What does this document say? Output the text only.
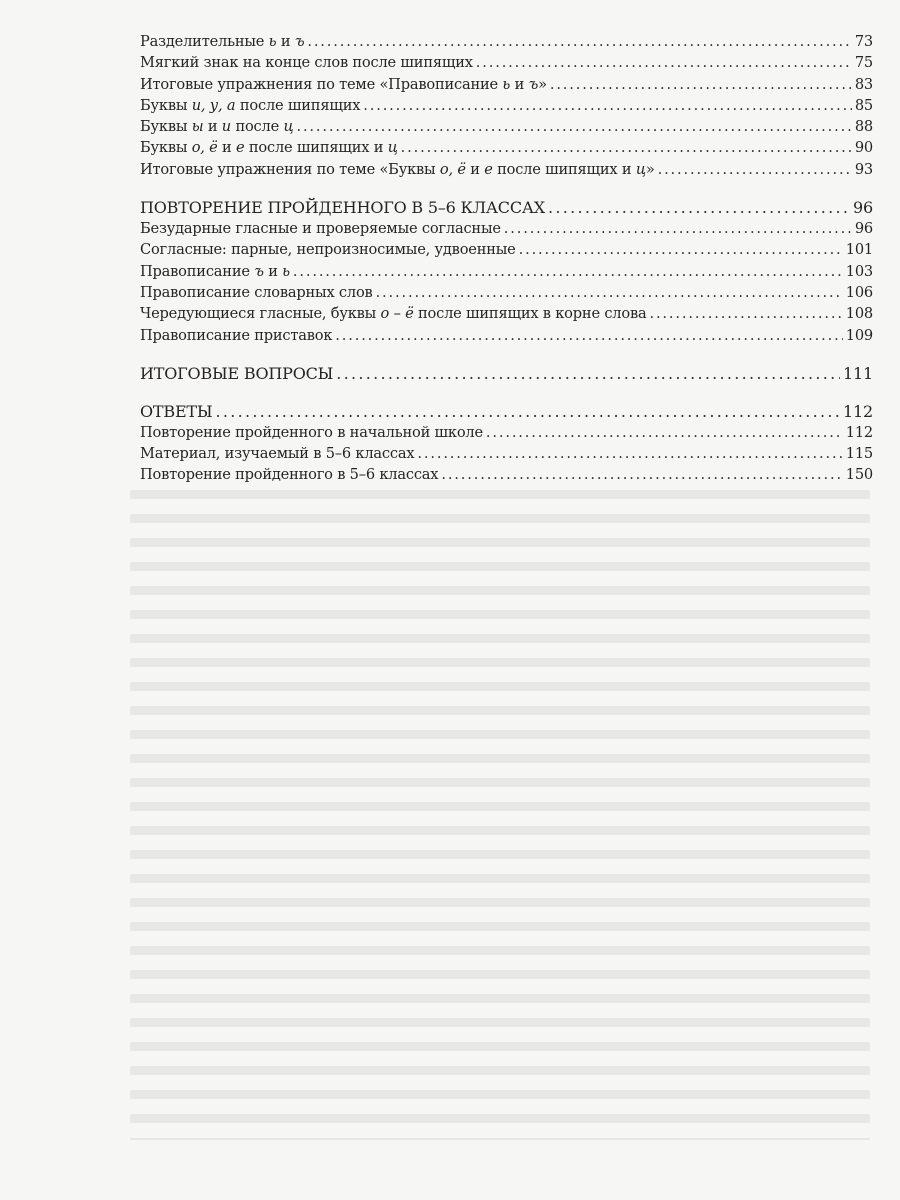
Разделительные ь и ъ . . .	73
Мягкий знак на конце слов после шипящих . . .	75
Итоговые упражнения по теме «Правописание ь и ъ» . . .	83
Буквы и, у, а после шипящих . . .	85
Буквы ы и и после ц . . .	88
Буквы о, ё и е после шипящих и ц . . .	90
Итоговые упражнения по теме «Буквы о, ё и е после шипящих и ц» . . .	93
ПОВТОРЕНИЕ ПРОЙДЕННОГО В 5–6 КЛАССАХ . . .	96
Безударные гласные и проверяемые согласные . . .	96
Согласные: парные, непроизносимые, удвоенные . . .	101
Правописание ъ и ь . . .	103
Правописание словарных слов . . .	106
Чередующиеся гласные, буквы о – ё после шипящих в корне слова . . .	108
Правописание приставок . . .	109
ИТОГОВЫЕ ВОПРОСЫ . . .	111
ОТВЕТЫ . . .	112
Повторение пройденного в начальной школе . . .	112
Материал, изучаемый в 5–6 классах . . .	115
Повторение пройденного в 5–6 классах . . .	150
